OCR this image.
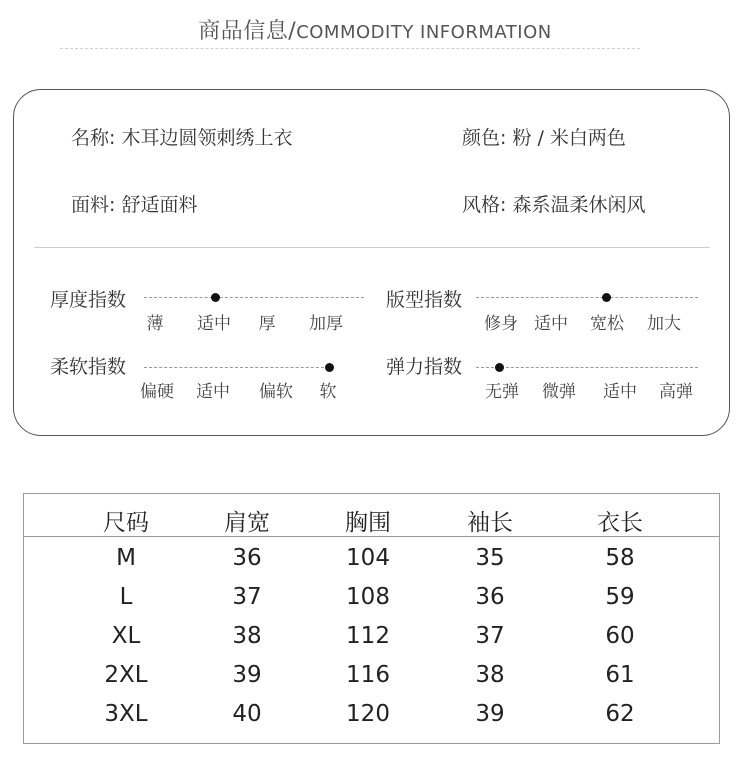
商品信息/COMMODITY INFORMATION
名称: 木耳边圆领刺绣上衣	颜色: 粉 / 米白两色
面料: 舒适面料	风格: 森系温柔休闲风
厚度指数
薄 适中 厚 加厚
版型指数
修身 适中 宽松 加大
柔软指数
偏硬 适中 偏软 软
弹力指数
无弹 微弹 适中 高弹
尺码	肩宽	胸围	袖长	衣长
M	36	104	35	58
L	37	108	36	59
XL	38	112	37	60
2XL	39	116	38	61
3XL	40	120	39	62
